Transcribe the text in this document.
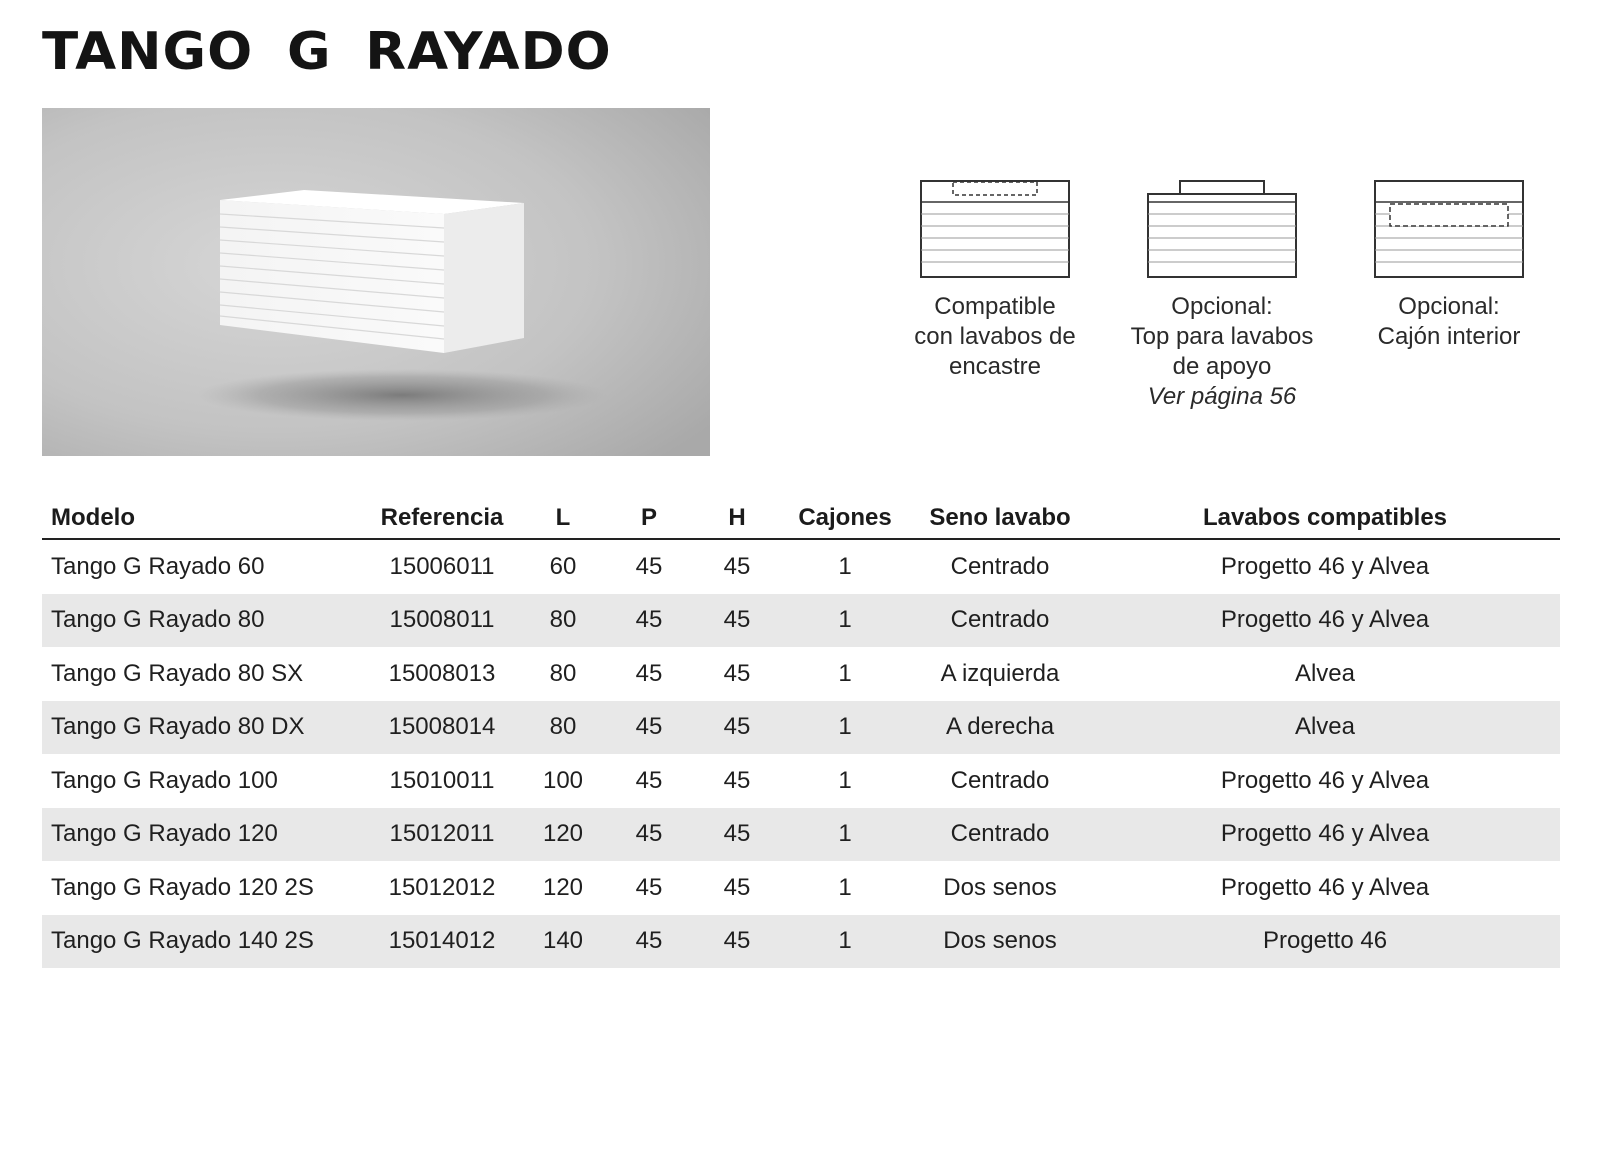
TANGO G RAYADO
Compatible
con lavabos de
encastre
Opcional:
Top para lavabos
de apoyo
Ver página 56
Opcional:
Cajón interior
Modelo	Referencia	L	P	H	Cajones	Seno lavabo	Lavabos compatibles
Tango G Rayado 60	15006011	60	45	45	1	Centrado	Progetto 46 y Alvea
Tango G Rayado 80	15008011	80	45	45	1	Centrado	Progetto 46 y Alvea
Tango G Rayado 80 SX	15008013	80	45	45	1	A izquierda	Alvea
Tango G Rayado 80 DX	15008014	80	45	45	1	A derecha	Alvea
Tango G Rayado 100	15010011	100	45	45	1	Centrado	Progetto 46 y Alvea
Tango G Rayado 120	15012011	120	45	45	1	Centrado	Progetto 46 y Alvea
Tango G Rayado 120 2S	15012012	120	45	45	1	Dos senos	Progetto 46 y Alvea
Tango G Rayado 140 2S	15014012	140	45	45	1	Dos senos	Progetto 46
